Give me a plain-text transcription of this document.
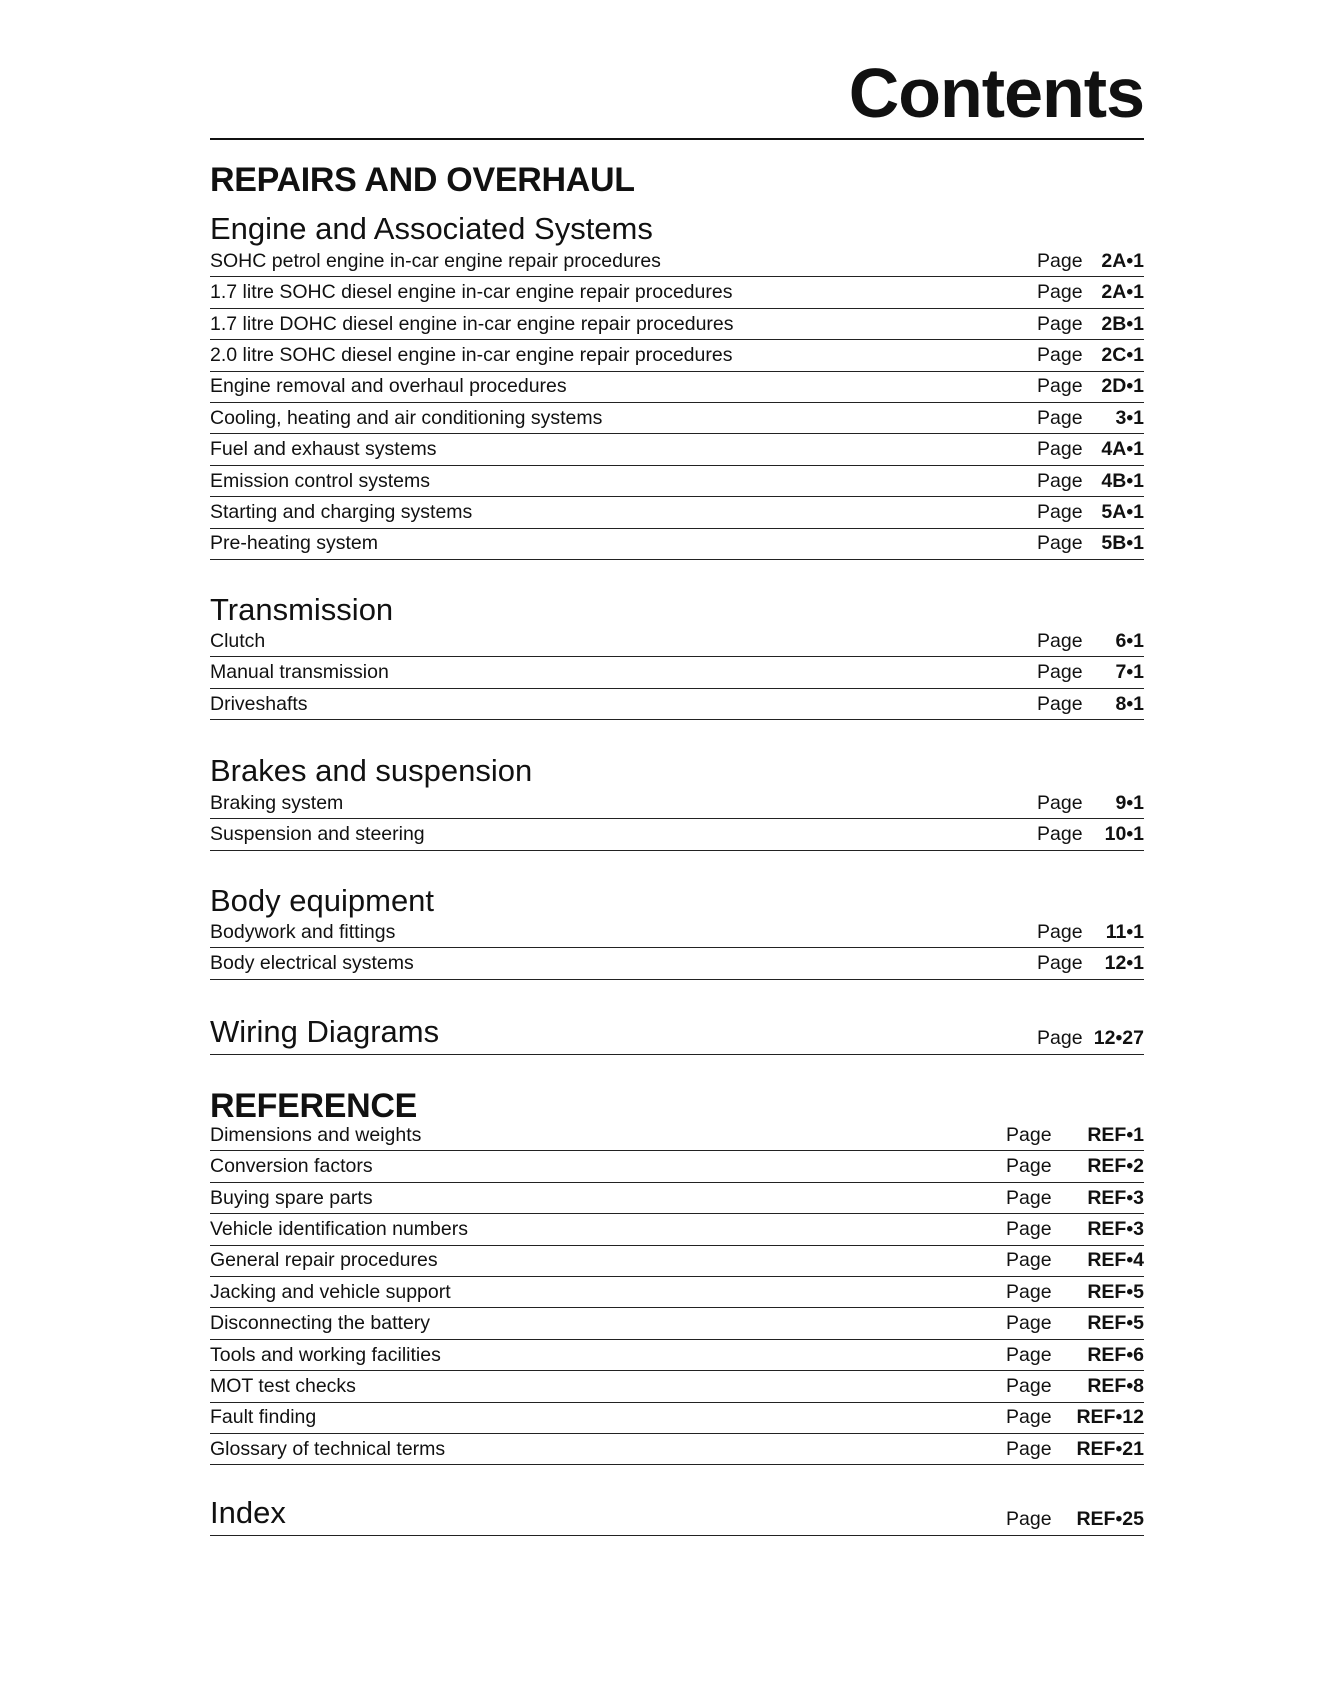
Contents
REPAIRS AND OVERHAUL
Engine and Associated Systems
SOHC petrol engine in-car engine repair procedures	Page 2A•1
1.7 litre SOHC diesel engine in-car engine repair procedures	Page 2A•1
1.7 litre DOHC diesel engine in-car engine repair procedures	Page 2B•1
2.0 litre SOHC diesel engine in-car engine repair procedures	Page 2C•1
Engine removal and overhaul procedures	Page 2D•1
Cooling, heating and air conditioning systems	Page 3•1
Fuel and exhaust systems	Page 4A•1
Emission control systems	Page 4B•1
Starting and charging systems	Page 5A•1
Pre-heating system	Page 5B•1
Transmission
Clutch	Page 6•1
Manual transmission	Page 7•1
Driveshafts	Page 8•1
Brakes and suspension
Braking system	Page 9•1
Suspension and steering	Page 10•1
Body equipment
Bodywork and fittings	Page 11•1
Body electrical systems	Page 12•1
Wiring Diagrams	Page 12•27
REFERENCE
Dimensions and weights	Page REF•1
Conversion factors	Page REF•2
Buying spare parts	Page REF•3
Vehicle identification numbers	Page REF•3
General repair procedures	Page REF•4
Jacking and vehicle support	Page REF•5
Disconnecting the battery	Page REF•5
Tools and working facilities	Page REF•6
MOT test checks	Page REF•8
Fault finding	Page REF•12
Glossary of technical terms	Page REF•21
Index	Page REF•25
